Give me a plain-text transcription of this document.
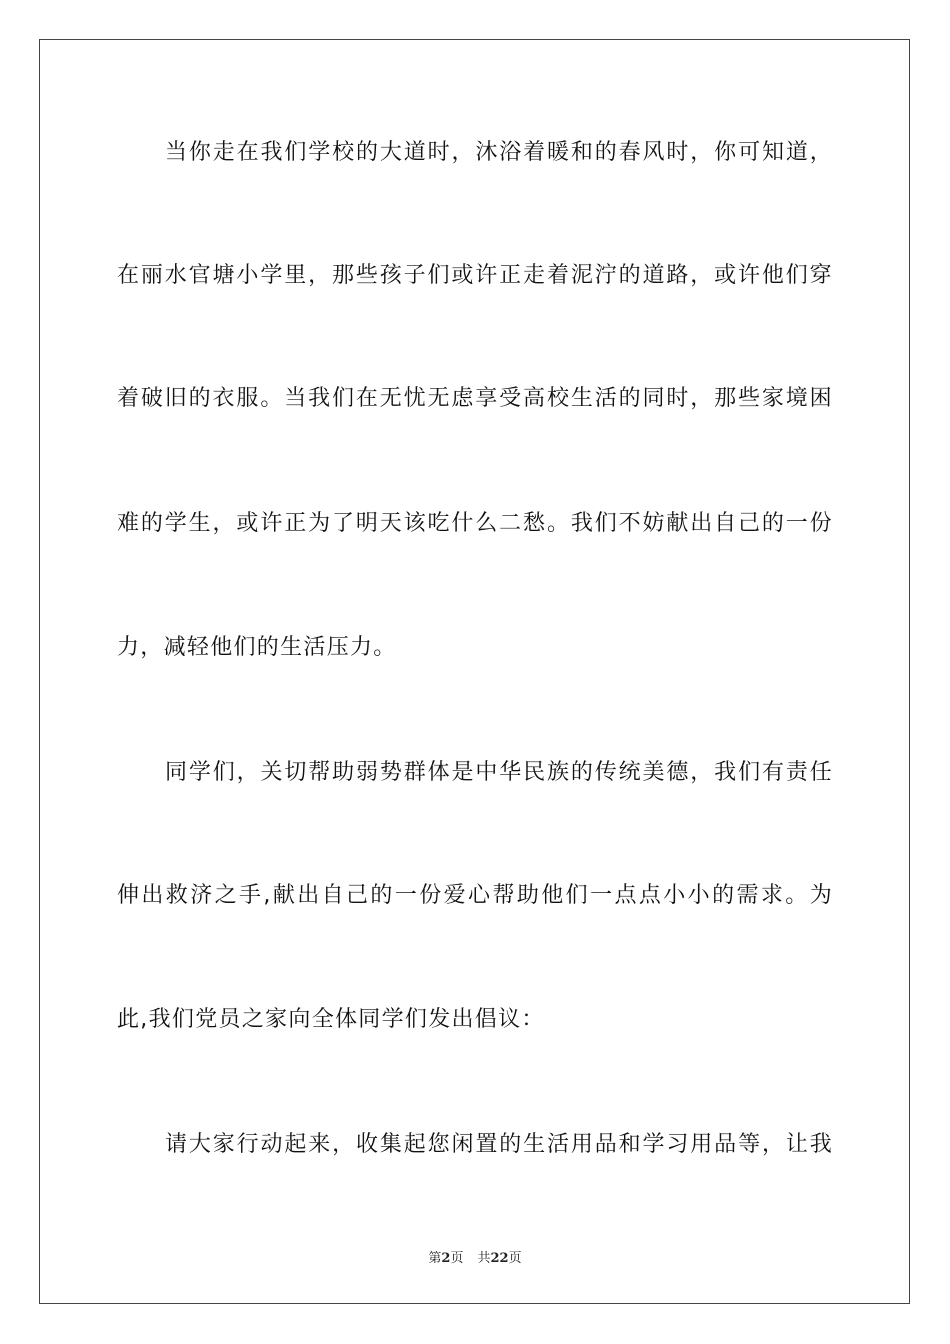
当你走在我们学校的大道时，沐浴着暖和的春风时，你可知道，
在丽水官塘小学里，那些孩子们或许正走着泥泞的道路，或许他们穿
着破旧的衣服。当我们在无忧无虑享受高校生活的同时，那些家境困
难的学生，或许正为了明天该吃什么二愁。我们不妨献出自己的一份
力，减轻他们的生活压力。
同学们，关切帮助弱势群体是中华民族的传统美德，我们有责任
伸出救济之手,献出自己的一份爱心帮助他们一点点小小的需求。为
此,我们党员之家向全体同学们发出倡议：
请大家行动起来，收集起您闲置的生活用品和学习用品等，让我
第2页 共22页
